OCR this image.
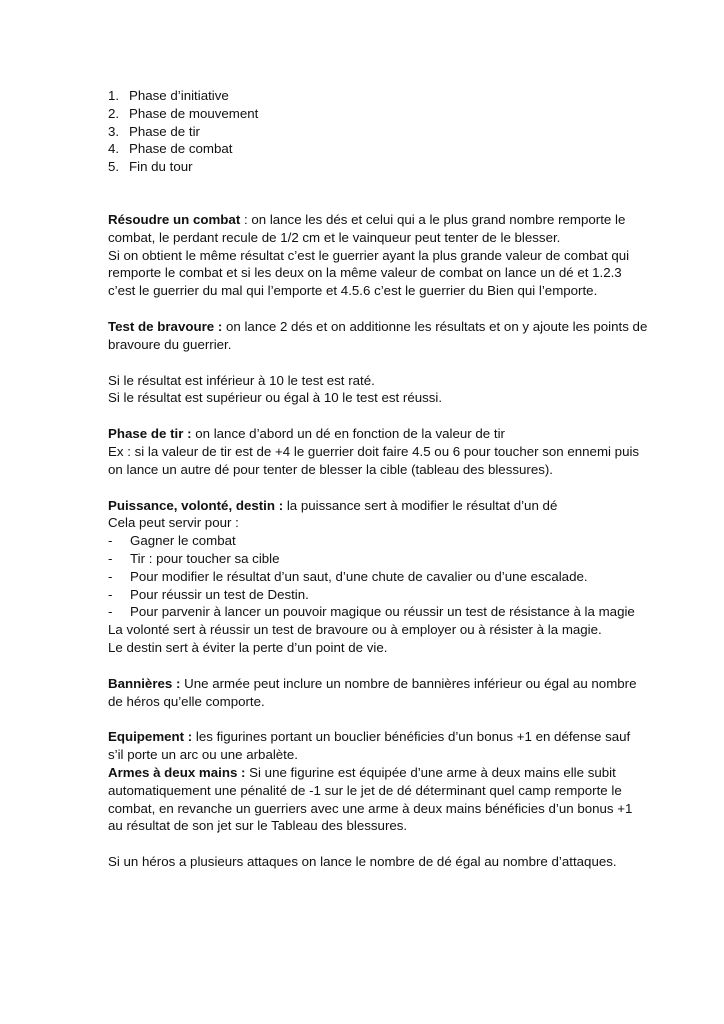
1. Phase d’initiative
2. Phase de mouvement
3. Phase de tir
4. Phase de combat
5. Fin du tour

Résoudre un combat : on lance les dés et celui qui a le plus grand nombre remporte le combat, le perdant recule de 1/2 cm et le vainqueur peut tenter de le blesser.

Si on obtient le même résultat c’est le guerrier ayant la plus grande valeur de combat qui remporte le combat et si les deux on la même valeur de combat on lance un dé et 1.2.3 c’est le guerrier du mal qui l’emporte et 4.5.6 c’est le guerrier du Bien qui l’emporte.

Test de bravoure : on lance 2 dés et on additionne les résultats et on y ajoute les points de bravoure du guerrier.

Si le résultat est inférieur à 10 le test est raté.

Si le résultat est supérieur ou égal à 10 le test est réussi.

Phase de tir : on lance d’abord un dé en fonction de la valeur de tir

Ex : si la valeur de tir est de +4 le guerrier doit faire 4.5 ou 6 pour toucher son ennemi puis on lance un autre dé pour tenter de blesser la cible (tableau des blessures).

Puissance, volonté, destin : la puissance sert à modifier le résultat d’un dé

Cela peut servir pour :

-	Gagner le combat
-	Tir : pour toucher sa cible
-	Pour modifier le résultat d’un saut, d’une chute de cavalier ou d’une escalade.
-	Pour réussir un test de Destin.
-	Pour parvenir à lancer un pouvoir magique ou réussir un test de résistance à la magie

La volonté sert à réussir un test de bravoure ou à employer ou à résister à la magie.

Le destin sert à éviter la perte d’un point de vie.

Bannières : Une armée peut inclure un nombre de bannières inférieur ou égal au nombre de héros qu’elle comporte.

Equipement : les figurines portant un bouclier bénéficies d’un bonus +1 en défense sauf s’il porte un arc ou une arbalète.

Armes à deux mains : Si une figurine est équipée d’une arme à deux mains elle subit automatiquement une pénalité de -1 sur le jet de dé déterminant quel camp remporte le combat, en revanche un guerriers avec une arme à deux mains bénéficies d’un bonus +1 au résultat de son jet sur le Tableau des blessures.

Si un héros a plusieurs attaques on lance le nombre de dé égal au nombre d’attaques.
